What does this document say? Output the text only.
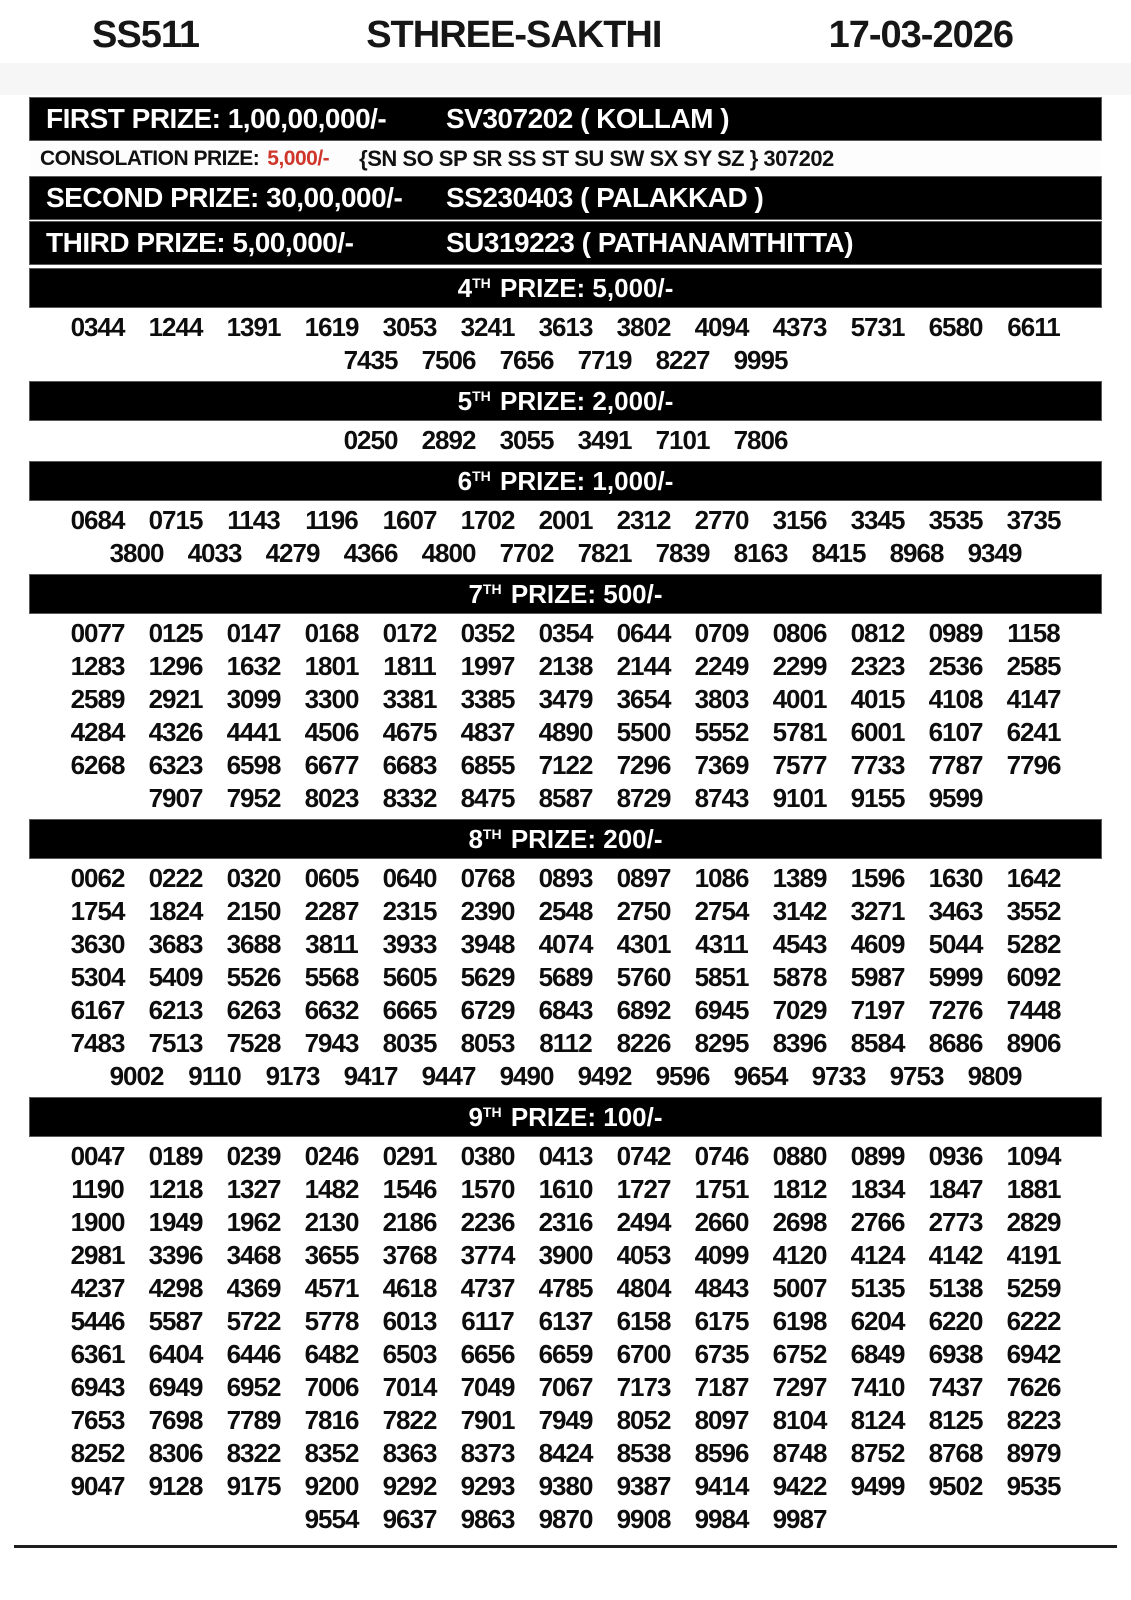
SS511	STHREE-SAKTHI	17-03-2026
FIRST PRIZE: 1,00,00,000/-	SV307202 ( KOLLAM )
CONSOLATION PRIZE: 5,000/- {SN SO SP SR SS ST SU SW SX SY SZ } 307202
SECOND PRIZE: 30,00,000/-	SS230403 ( PALAKKAD )
THIRD PRIZE: 5,00,000/-	SU319223 ( PATHANAMTHITTA)
4TH PRIZE: 5,000/-
0344 1244 1391 1619 3053 3241 3613 3802 4094 4373 5731 6580 6611
7435 7506 7656 7719 8227 9995
5TH PRIZE: 2,000/-
0250 2892 3055 3491 7101 7806
6TH PRIZE: 1,000/-
0684 0715 1143 1196 1607 1702 2001 2312 2770 3156 3345 3535 3735
3800 4033 4279 4366 4800 7702 7821 7839 8163 8415 8968 9349
7TH PRIZE: 500/-
0077 0125 0147 0168 0172 0352 0354 0644 0709 0806 0812 0989 1158
1283 1296 1632 1801 1811 1997 2138 2144 2249 2299 2323 2536 2585
2589 2921 3099 3300 3381 3385 3479 3654 3803 4001 4015 4108 4147
4284 4326 4441 4506 4675 4837 4890 5500 5552 5781 6001 6107 6241
6268 6323 6598 6677 6683 6855 7122 7296 7369 7577 7733 7787 7796
7907 7952 8023 8332 8475 8587 8729 8743 9101 9155 9599
8TH PRIZE: 200/-
0062 0222 0320 0605 0640 0768 0893 0897 1086 1389 1596 1630 1642
1754 1824 2150 2287 2315 2390 2548 2750 2754 3142 3271 3463 3552
3630 3683 3688 3811 3933 3948 4074 4301 4311 4543 4609 5044 5282
5304 5409 5526 5568 5605 5629 5689 5760 5851 5878 5987 5999 6092
6167 6213 6263 6632 6665 6729 6843 6892 6945 7029 7197 7276 7448
7483 7513 7528 7943 8035 8053 8112 8226 8295 8396 8584 8686 8906
9002 9110 9173 9417 9447 9490 9492 9596 9654 9733 9753 9809
9TH PRIZE: 100/-
0047 0189 0239 0246 0291 0380 0413 0742 0746 0880 0899 0936 1094
1190 1218 1327 1482 1546 1570 1610 1727 1751 1812 1834 1847 1881
1900 1949 1962 2130 2186 2236 2316 2494 2660 2698 2766 2773 2829
2981 3396 3468 3655 3768 3774 3900 4053 4099 4120 4124 4142 4191
4237 4298 4369 4571 4618 4737 4785 4804 4843 5007 5135 5138 5259
5446 5587 5722 5778 6013 6117 6137 6158 6175 6198 6204 6220 6222
6361 6404 6446 6482 6503 6656 6659 6700 6735 6752 6849 6938 6942
6943 6949 6952 7006 7014 7049 7067 7173 7187 7297 7410 7437 7626
7653 7698 7789 7816 7822 7901 7949 8052 8097 8104 8124 8125 8223
8252 8306 8322 8352 8363 8373 8424 8538 8596 8748 8752 8768 8979
9047 9128 9175 9200 9292 9293 9380 9387 9414 9422 9499 9502 9535
9554 9637 9863 9870 9908 9984 9987
